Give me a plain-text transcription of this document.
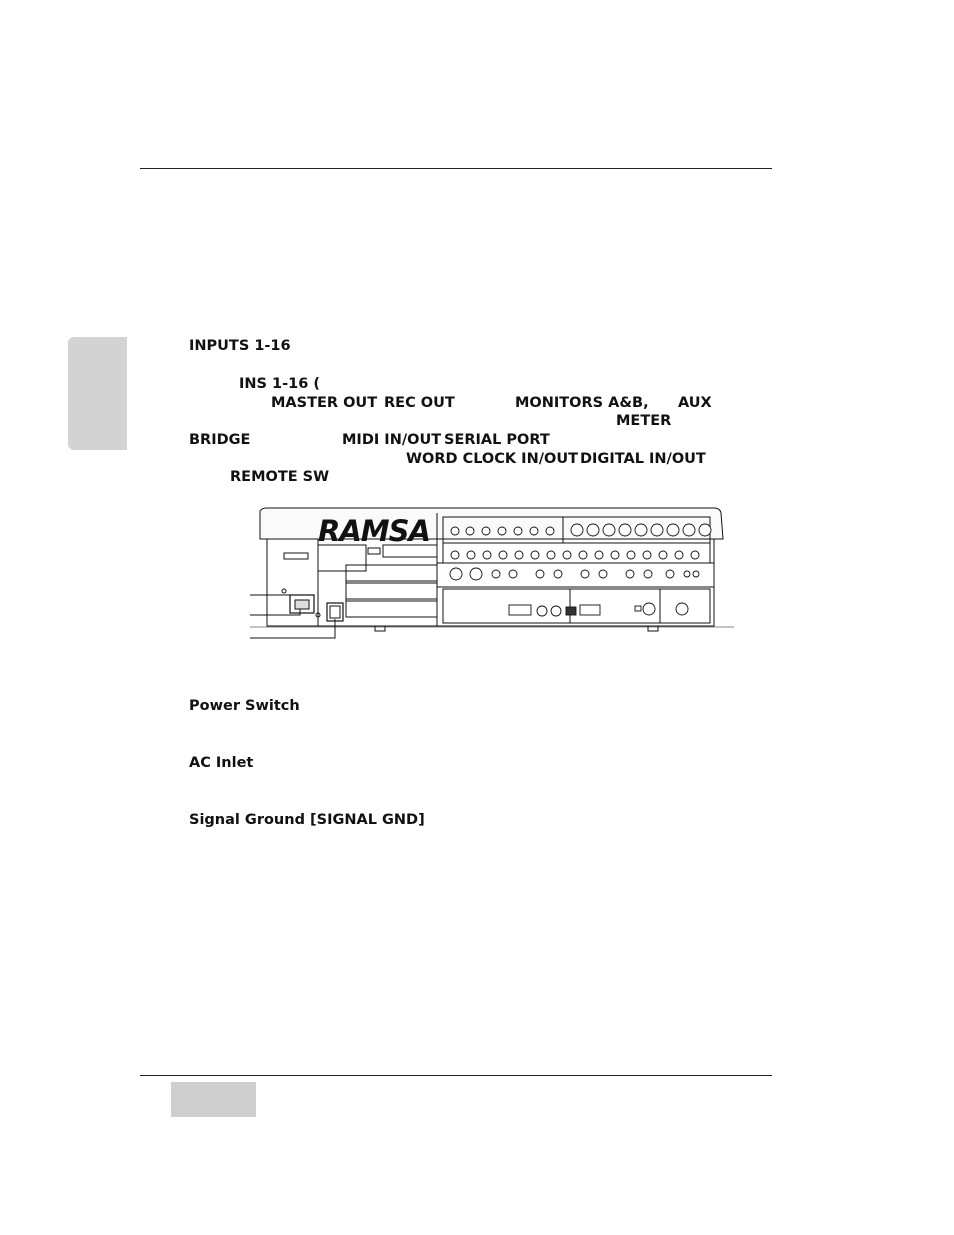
INPUTS 1-16
INS 1-16 (
MASTER OUT REC OUT	MONITORS A&B, AUX
METER
BRIDGE	MIDI IN/OUT SERIAL PORT
WORD CLOCK IN/OUT DIGITAL IN/OUT
REMOTE SW
RAMSA
Power Switch
AC Inlet
Signal Ground [SIGNAL GND]
